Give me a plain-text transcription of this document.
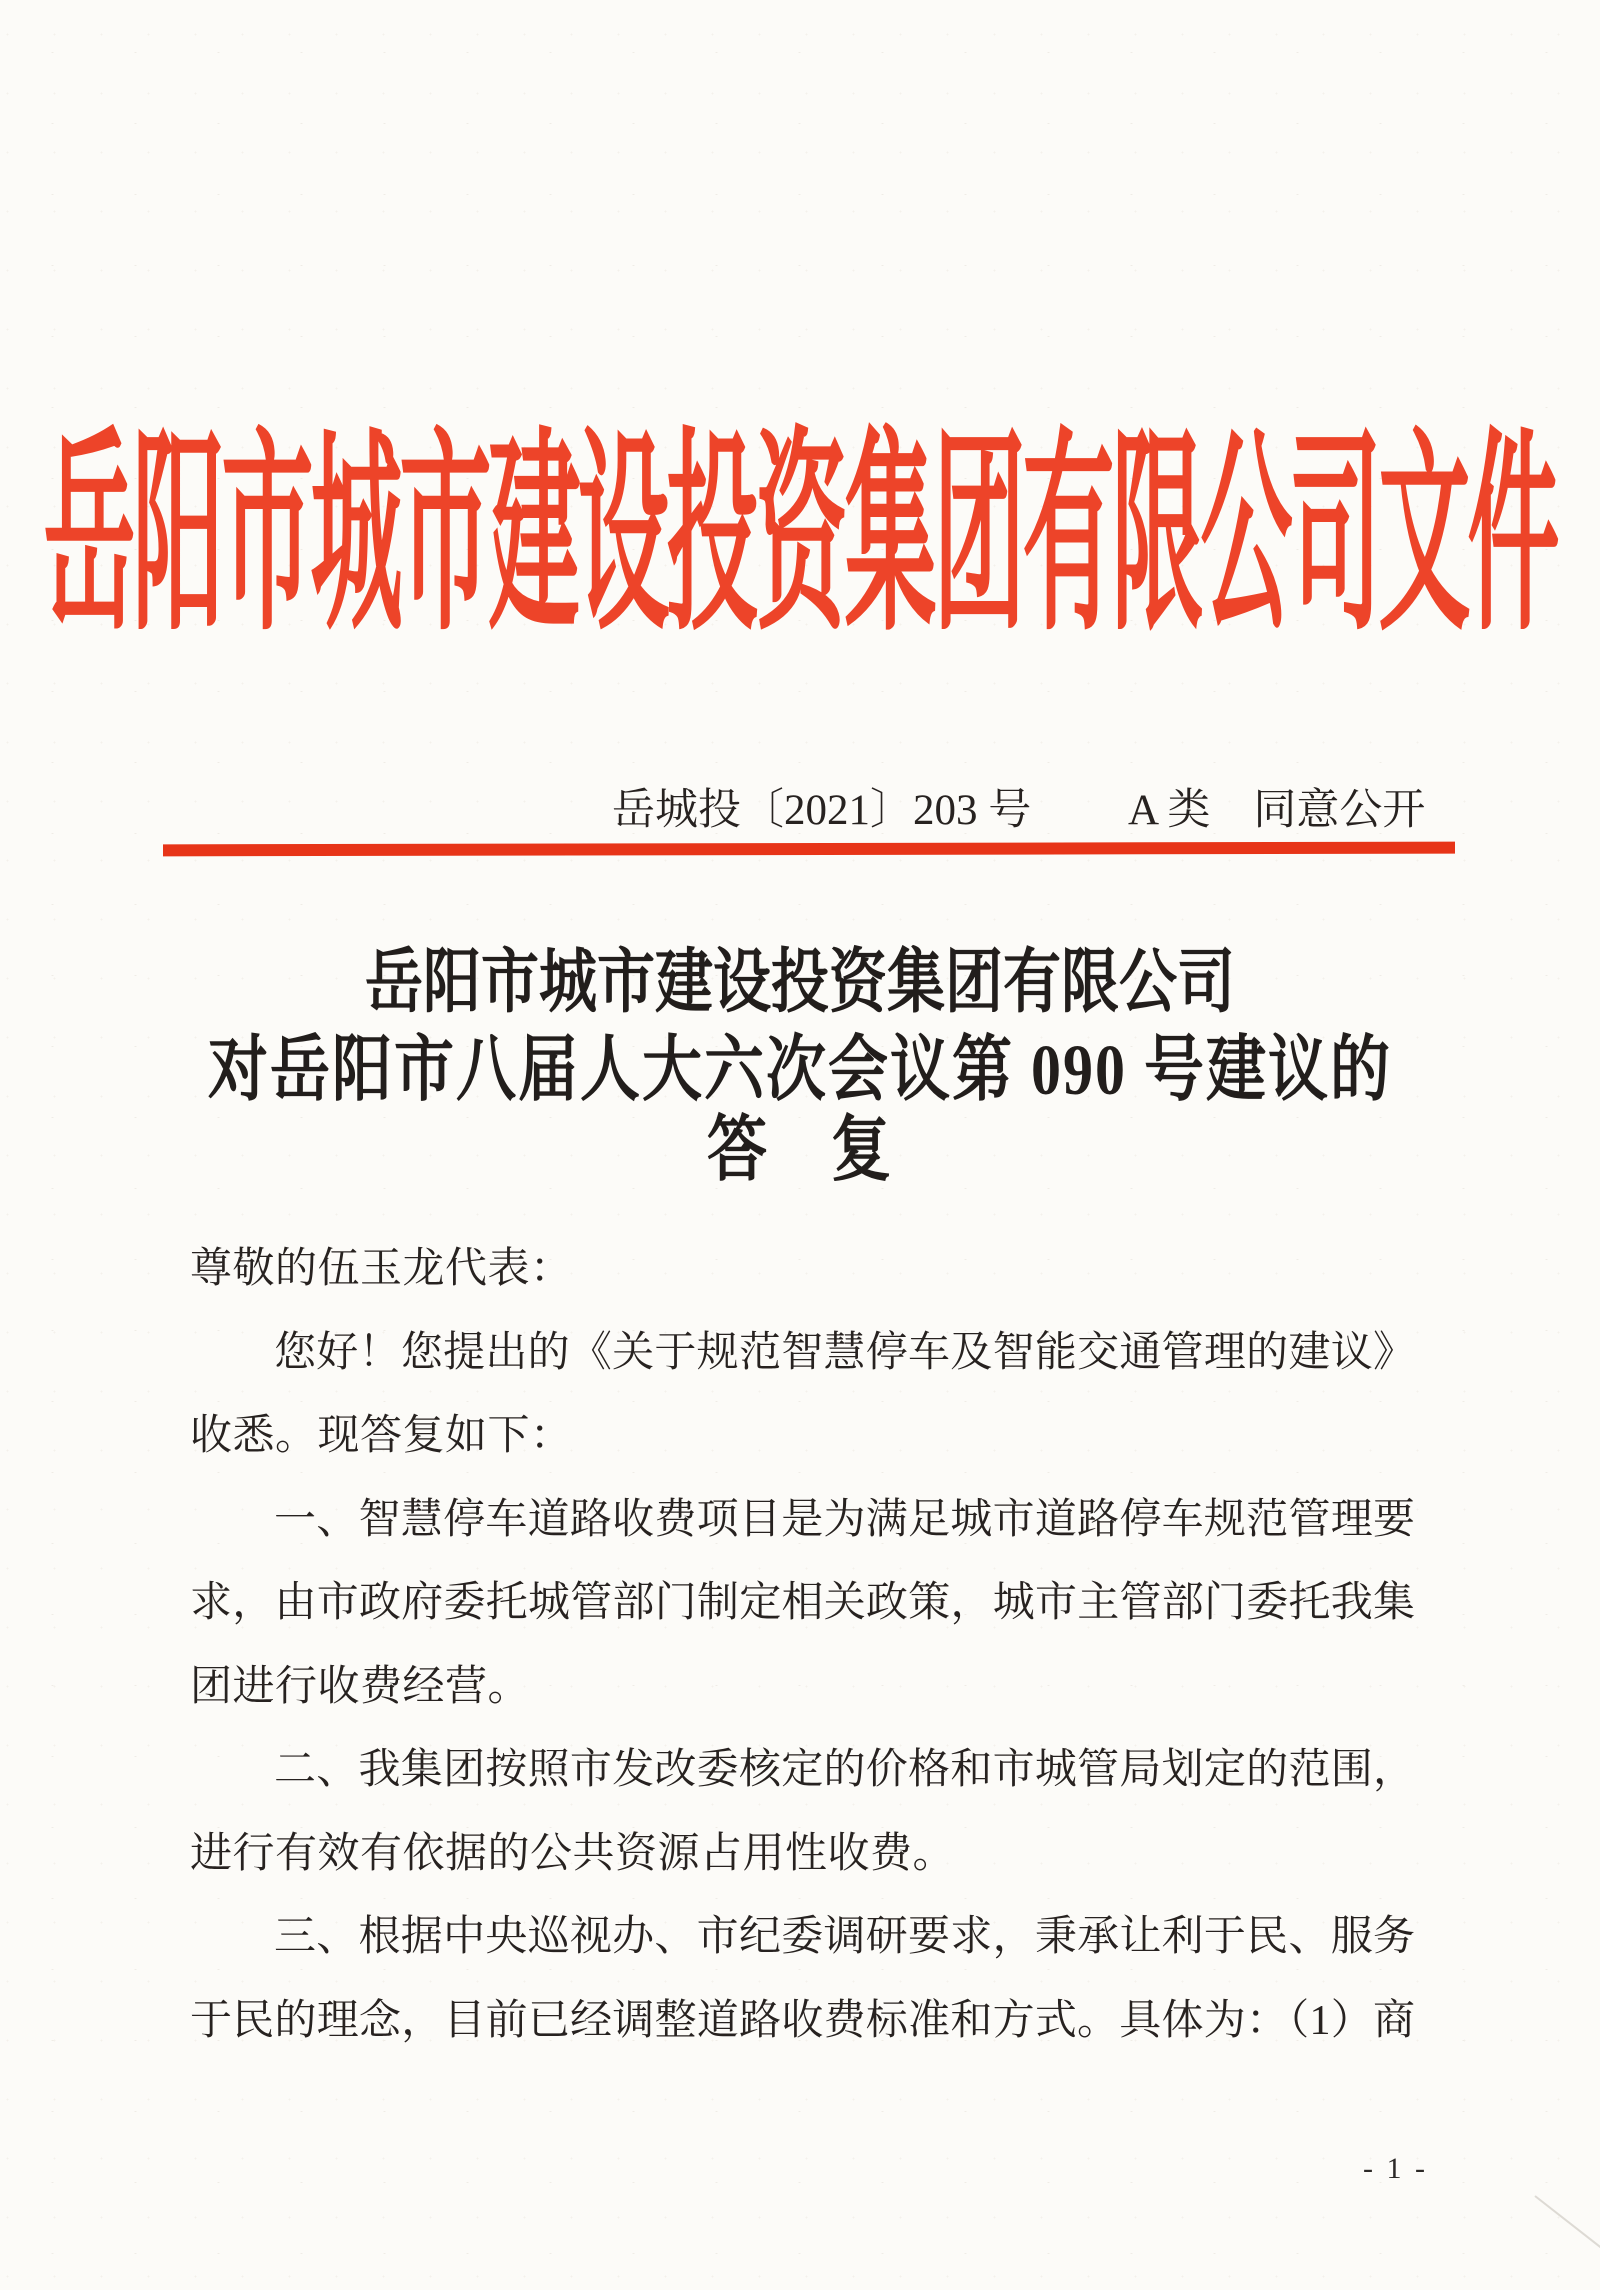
岳阳市城市建设投资集团有限公司文件
岳城投〔2021〕203 号 A 类　同意公开
岳阳市城市建设投资集团有限公司
对岳阳市八届人大六次会议第 090 号建议的
答　复
尊敬的伍玉龙代表：
您好！您提出的《关于规范智慧停车及智能交通管理的建议》
收悉。现答复如下：
一、智慧停车道路收费项目是为满足城市道路停车规范管理要
求，由市政府委托城管部门制定相关政策，城市主管部门委托我集
团进行收费经营。
二、我集团按照市发改委核定的价格和市城管局划定的范围，
进行有效有依据的公共资源占用性收费。
三、根据中央巡视办、市纪委调研要求，秉承让利于民、服务
于民的理念，目前已经调整道路收费标准和方式。具体为：（1）商
- 1 -
